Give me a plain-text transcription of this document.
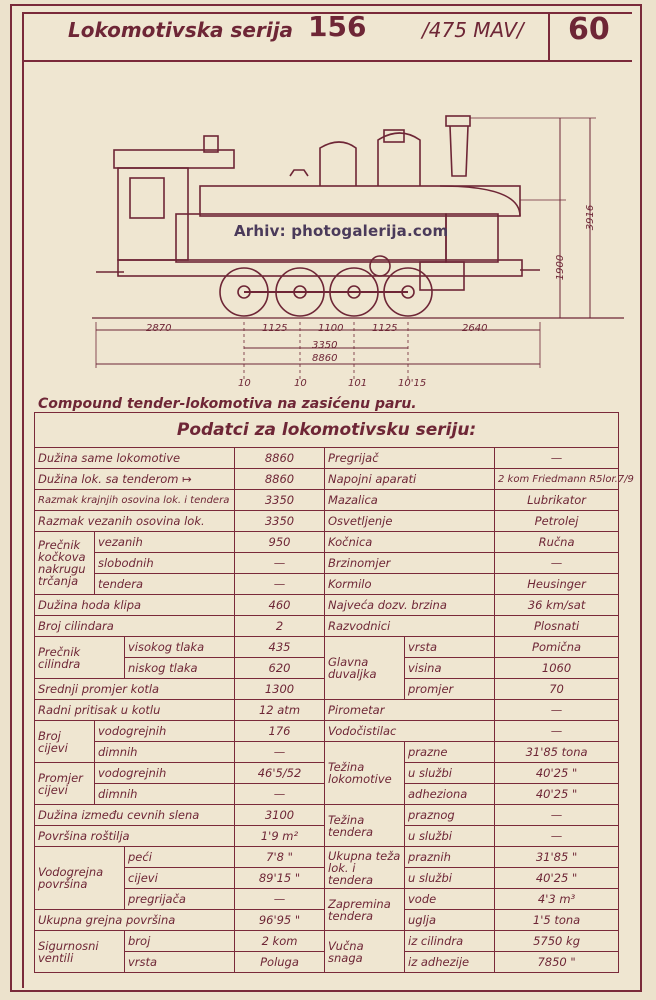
Lokomotivska serija 156	/475 MAV/ 60
Arhiv: photogalerija.com
2870	1125	1100	1125	2640
3350
8860
3916
1900
10	10	101	10'15
Compound tender-lokomotiva na zasićenu paru.
Podatci za lokomotivsku seriju:						
Dužina same lokomotive			8860	Pregrijač		—
Dužina lok. sa tenderom ↦			8860	Napojni aparati		2 kom Friedmann R5lor.7/9
Razmak krajnjih osovina lok. i tendera			3350	Mazalica		Lubrikator
Razmak vezanih osovina lok.			3350	Osvetljenje		Petrolej
Prečnik kočkova nakrugu trčanja	vezanih		950	Kočnica		Ručna
	slobodnih		—	Brzinomjer		—
	tendera		—	Kormilo		Heusinger
Dužina hoda klipa			460	Najveća dozv. brzina		36 km/sat
Broj cilindara			2	Razvodnici		Plosnati
Prečnik cilindra		visokog tlaka	435	Glavna duvaljka	vrsta	Pomična
		niskog tlaka	620		visina	1060
Srednji promjer kotla			1300		promjer	70
Radni pritisak u kotlu			12 atm	Pirometar		—
Broj cijevi	vodogrejnih		176	Vodočistilac		—
	dimnih		—	Težina lokomotive	prazne	31'85 tona
Promjer cijevi	vodogrejnih		46'5/52		u službi	40'25 "
	dimnih		—		adheziona	40'25 "
Dužina između cevnih slena			3100	Težina tendera	praznog	—
Površina roštilja			1'9 m²		u službi	—
Vodogrejna površina		peći	7'8 "	Ukupna teža lok. i tendera	praznih	31'85 "
		cijevi	89'15 "		u službi	40'25 "
		pregrijača	—	Zapremina tendera	vode	4'3 m³
Ukupna grejna površina			96'95 "		uglja	1'5 tona
Sigurnosni ventili		broj	2 kom	Vučna snaga	iz cilindra	5750 kg
		vrsta	Poluga		iz adhezije	7850 "
